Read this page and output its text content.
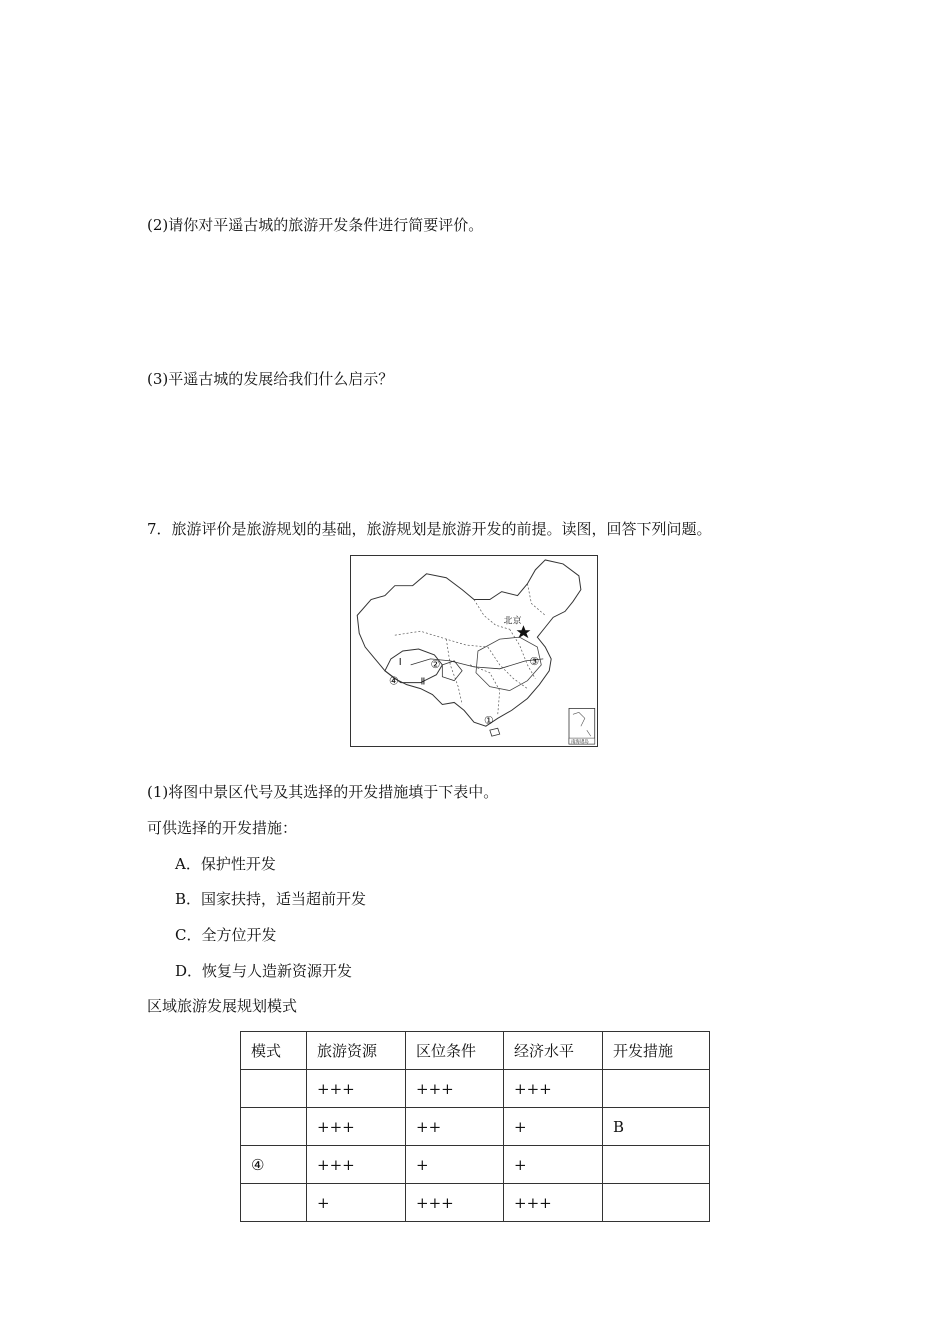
(2)请你对平遥古城的旅游开发条件进行简要评价。
(3)平遥古城的发展给我们什么启示？
7．旅游评价是旅游规划的基础，旅游规划是旅游开发的前提。读图，回答下列问题。
北京
Ⅰ
Ⅱ
①
②	③
④
南海诸岛
(1)将图中景区代号及其选择的开发措施填于下表中。
可供选择的开发措施：
A．保护性开发
B．国家扶持，适当超前开发
C．全方位开发
D．恢复与人造新资源开发
区域旅游发展规划模式
模式	旅游资源	区位条件	经济水平	开发措施
	+++	+++	+++	
	+++	++	+	B
④	+++	+	+	
	+	+++	+++	
